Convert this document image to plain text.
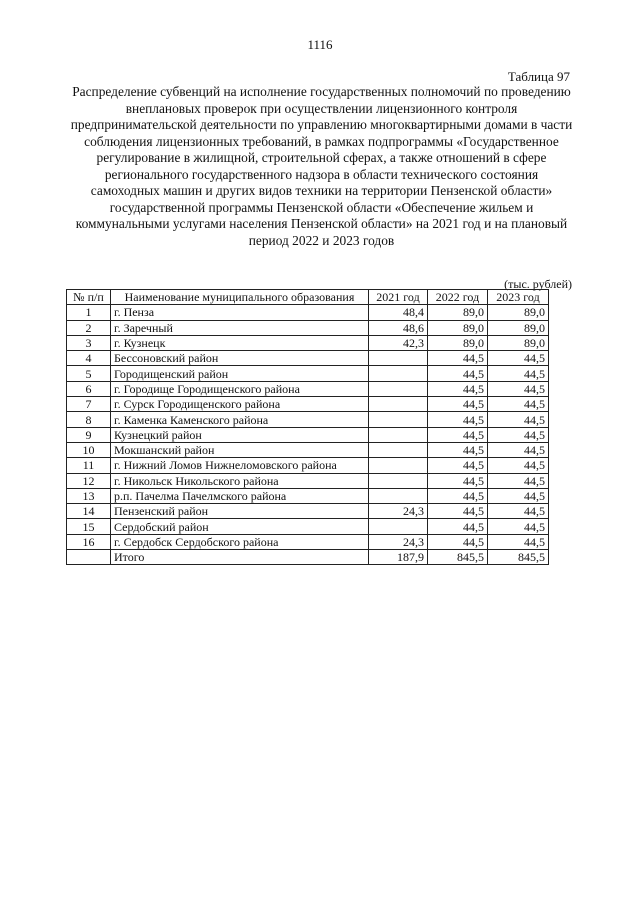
1116
Таблица 97
Распределение субвенций на исполнение государственных полномочий по проведению внеплановых проверок при осуществлении лицензионного контроля предпринимательской деятельности по управлению многоквартирными домами в части соблюдения лицензионных требований, в рамках подпрограммы «Государственное регулирование в жилищной, строительной сферах, а также отношений в сфере регионального государственного надзора в области технического состояния самоходных машин и других видов техники на территории Пензенской области» государственной программы Пензенской области «Обеспечение жильем и коммунальными услугами населения Пензенской области» на 2021 год и на плановый период 2022 и 2023 годов
(тыс. рублей)
№ п/п	Наименование муниципального образования	2021 год	2022 год	2023 год
1	г. Пенза	48,4	89,0	89,0
2	г. Заречный	48,6	89,0	89,0
3	г. Кузнецк	42,3	89,0	89,0
4	Бессоновский район		44,5	44,5
5	Городищенский район		44,5	44,5
6	г. Городище Городищенского района		44,5	44,5
7	г. Сурск Городищенского района		44,5	44,5
8	г. Каменка Каменского района		44,5	44,5
9	Кузнецкий район		44,5	44,5
10	Мокшанский район		44,5	44,5
11	г. Нижний Ломов Нижнеломовского района		44,5	44,5
12	г. Никольск Никольского района		44,5	44,5
13	р.п. Пачелма Пачелмского района		44,5	44,5
14	Пензенский район	24,3	44,5	44,5
15	Сердобский район		44,5	44,5
16	г. Сердобск Сердобского района	24,3	44,5	44,5
	Итого	187,9	845,5	845,5
